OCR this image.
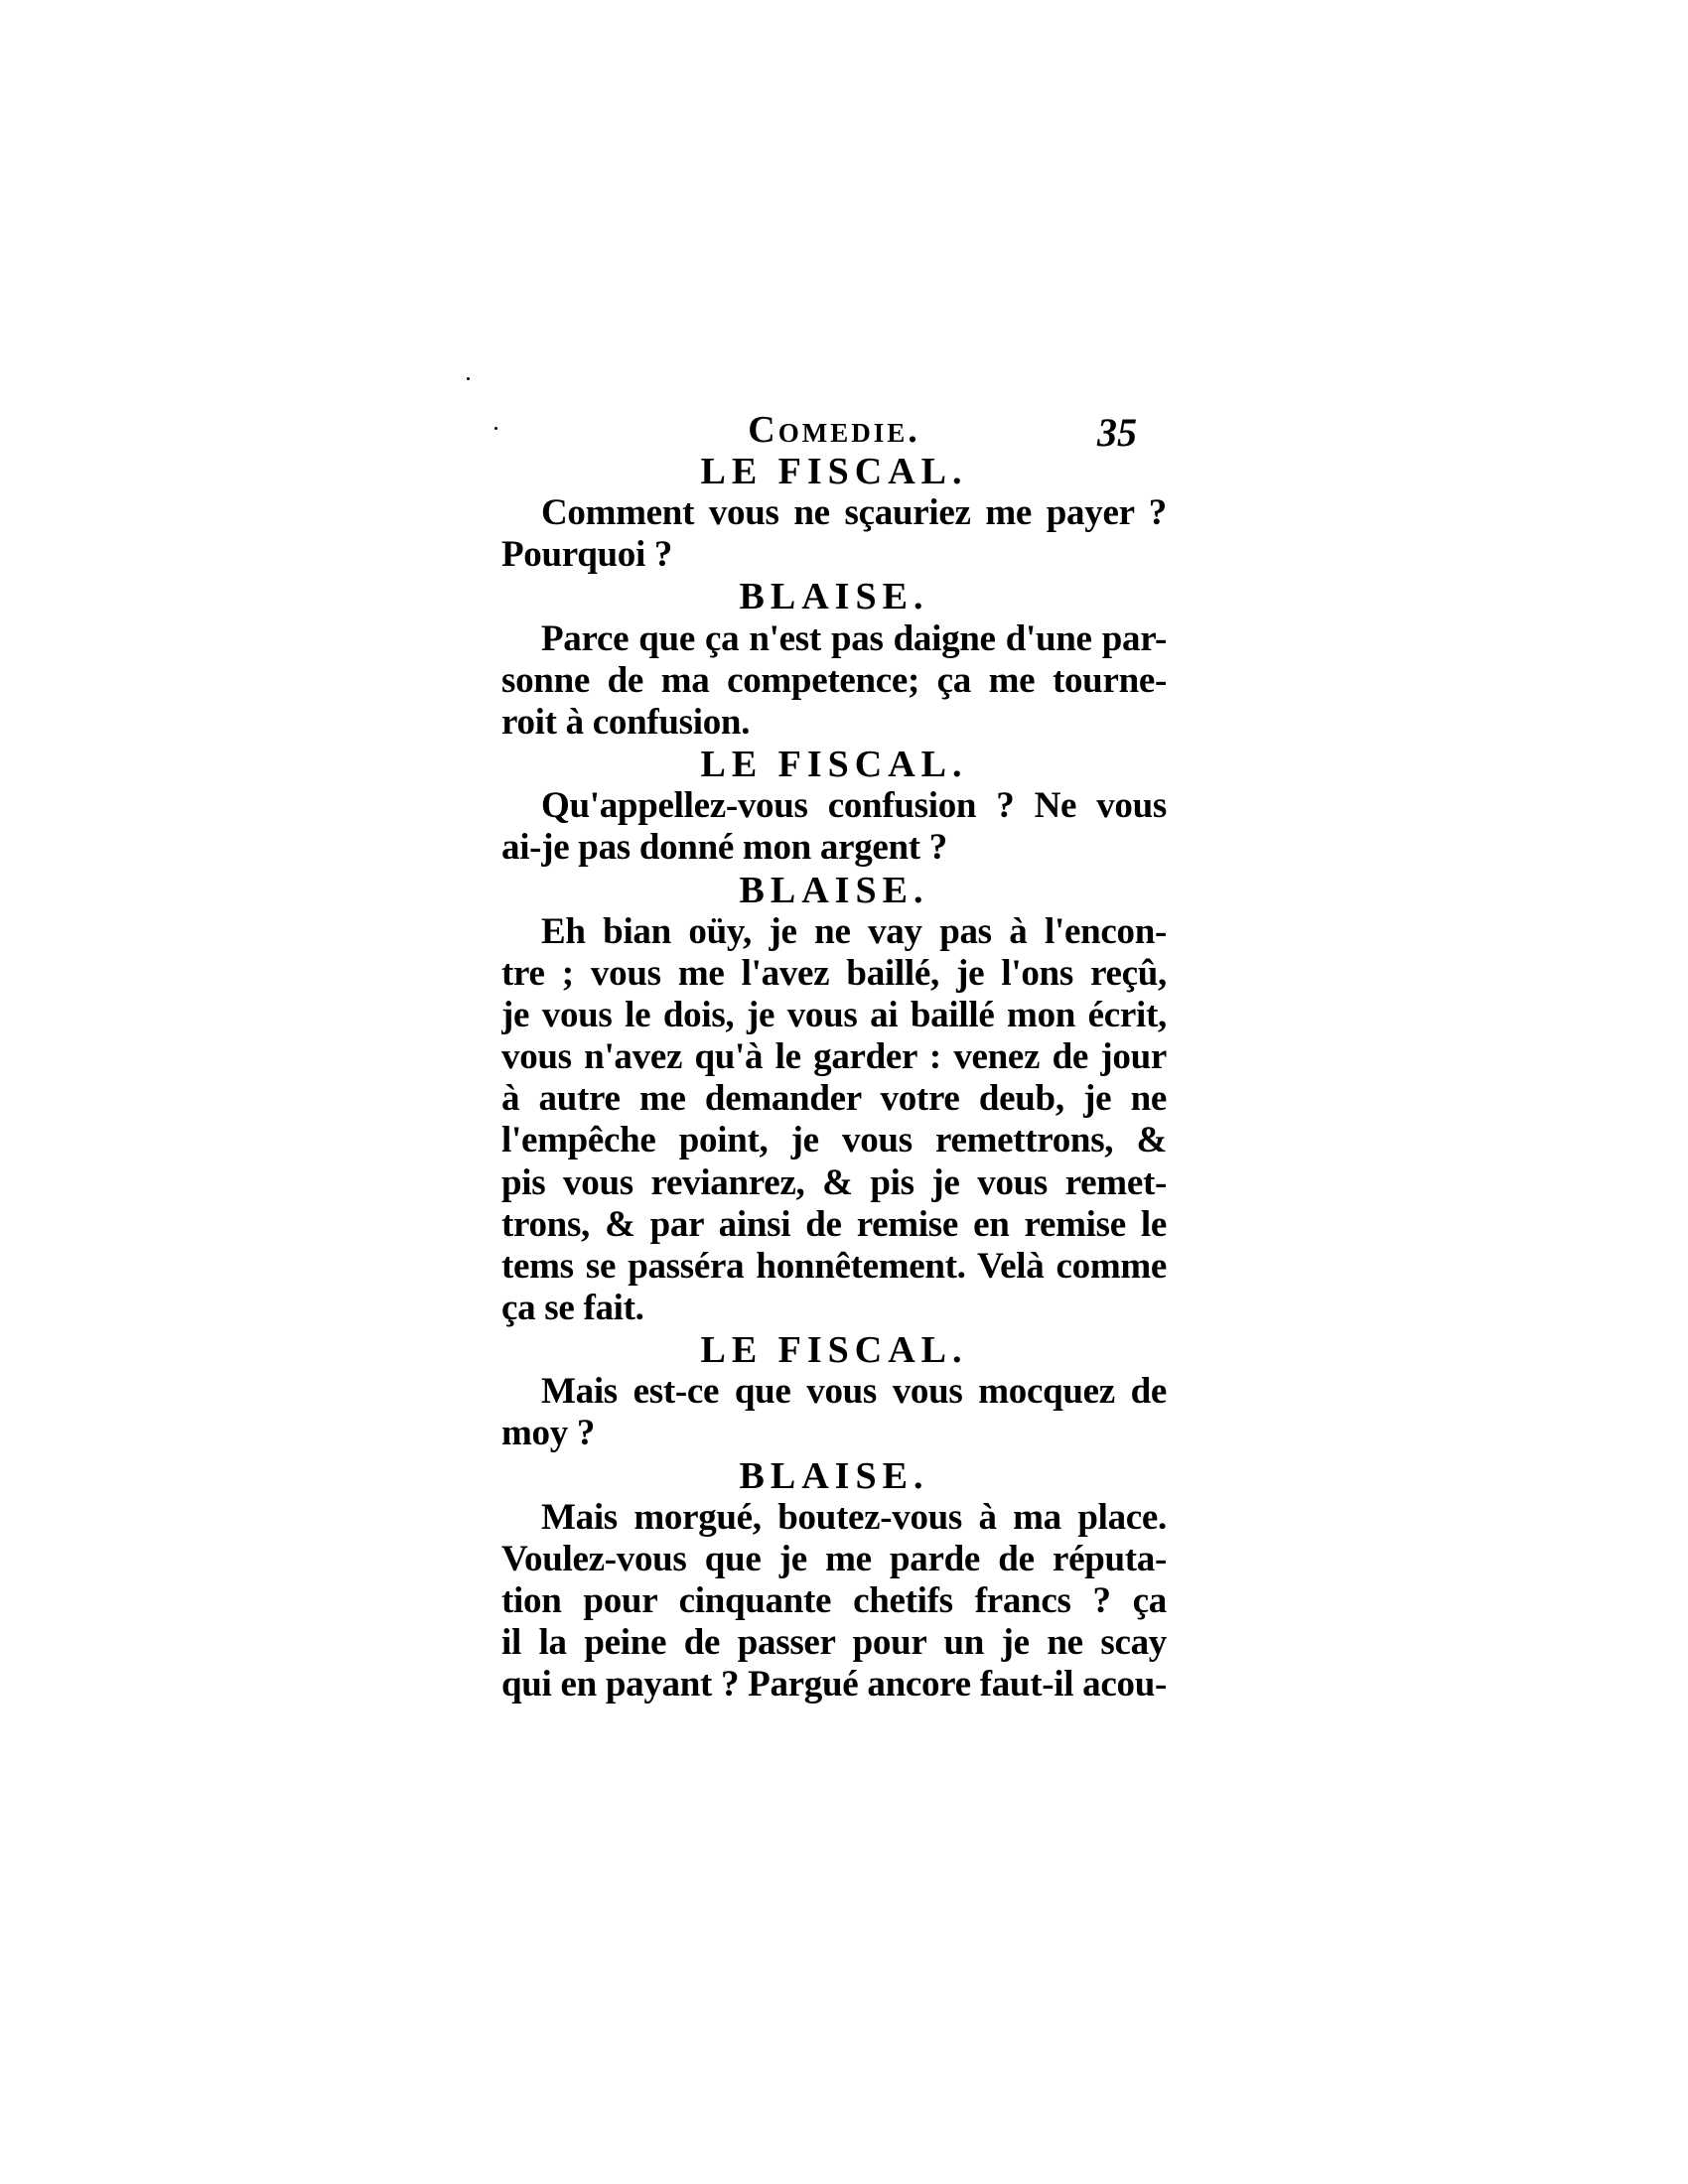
Comedie.	35
LE FISCAL.
Comment vous ne sçauriez me payer ?
Pourquoi ?
BLAISE.
Parce que ça n'est pas daigne d'une par-
sonne de ma competence; ça me tourne-
roit à confusion.
LE FISCAL.
Qu'appellez-vous confusion ? Ne vous
ai-je pas donné mon argent ?
BLAISE.
Eh bian oüy, je ne vay pas à l'encon-
tre ; vous me l'avez baillé, je l'ons reçû,
je vous le dois, je vous ai baillé mon écrit,
vous n'avez qu'à le garder : venez de jour
à autre me demander votre deub, je ne
l'empêche point, je vous remettrons, &
pis vous revianrez, & pis je vous remet-
trons, & par ainsi de remise en remise le
tems se passéra honnêtement. Velà comme
ça se fait.
LE FISCAL.
Mais est-ce que vous vous mocquez de
moy ?
BLAISE.
Mais morgué, boutez-vous à ma place.
Voulez-vous que je me parde de réputa-
tion pour cinquante chetifs francs ? ça
il la peine de passer pour un je ne scay
qui en payant ? Pargué ancore faut-il acou-
